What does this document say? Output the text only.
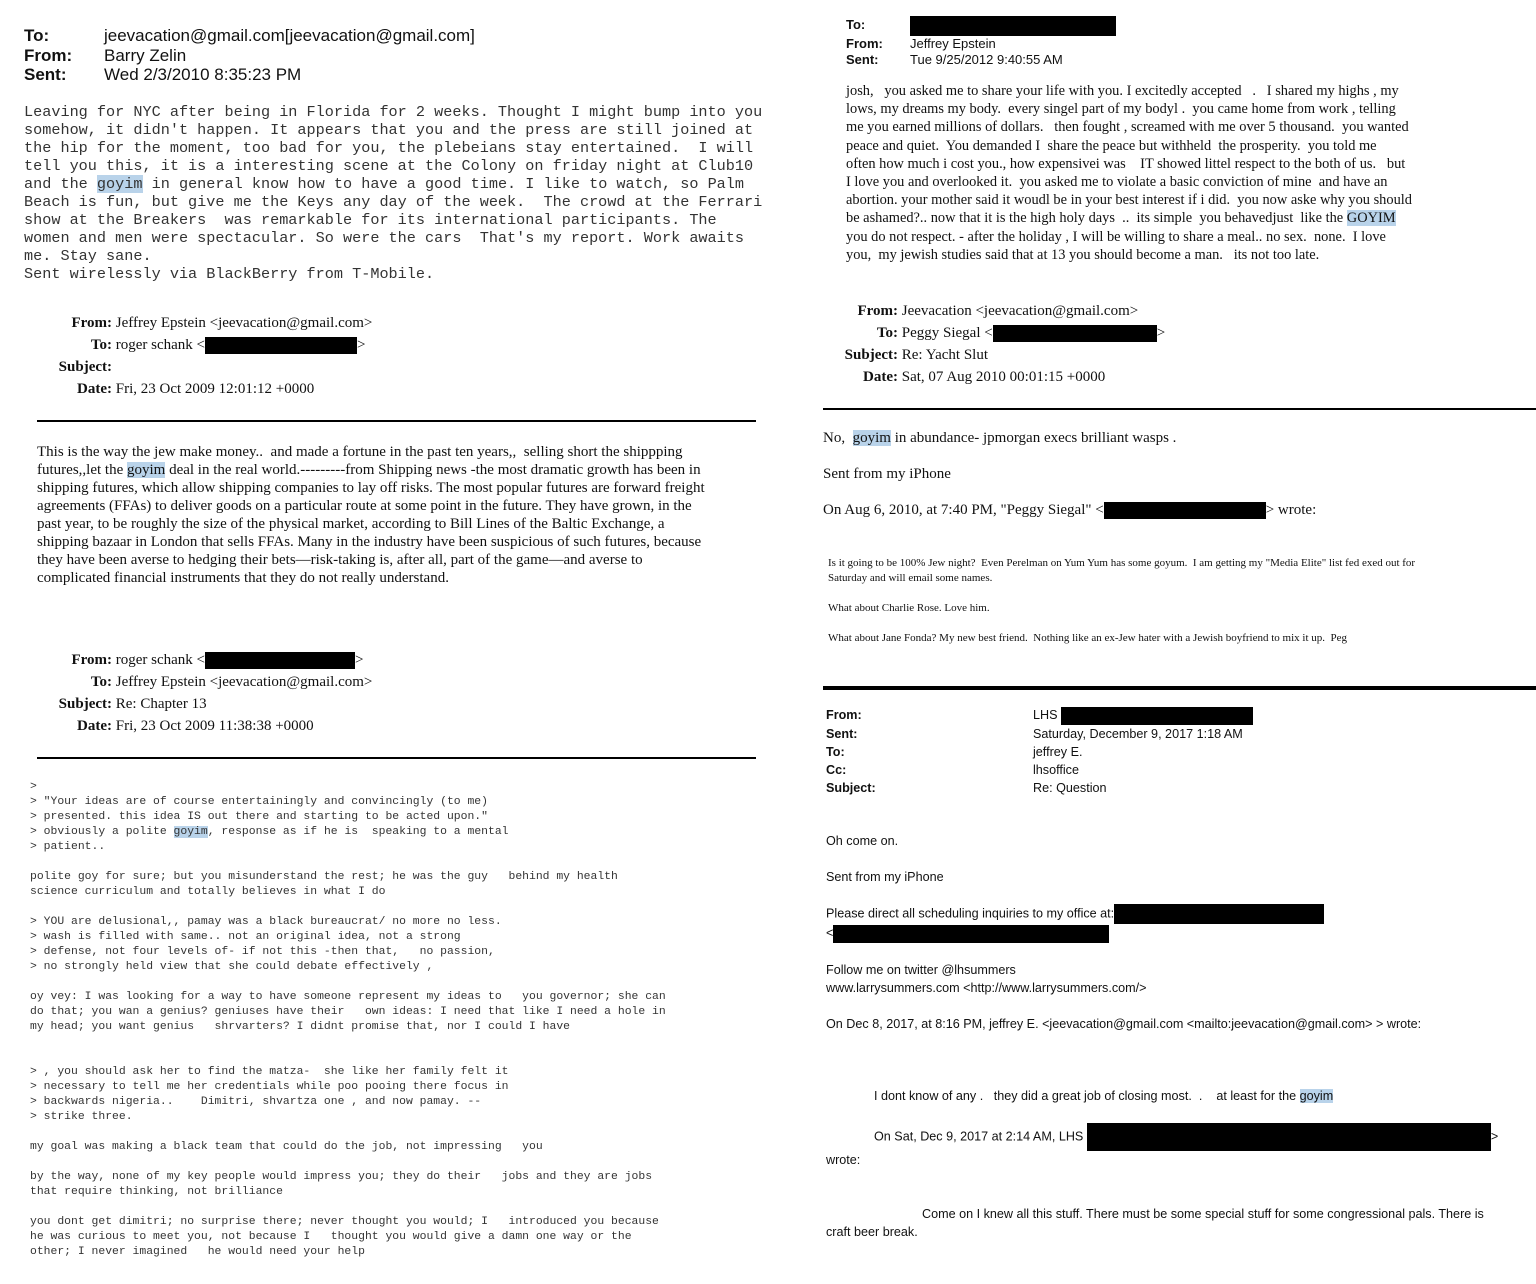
To:	jeevacation@gmail.com[jeevacation@gmail.com]
From: Barry Zelin
Sent: Wed 2/3/2010 8:35:23 PM
Leaving for NYC after being in Florida for 2 weeks. Thought I might bump into you
somehow, it didn't happen. It appears that you and the press are still joined at
the hip for the moment, too bad for you, the plebeians stay entertained.  I will
tell you this, it is a interesting scene at the Colony on friday night at Club10
and the goyim in general know how to have a good time. I like to watch, so Palm
Beach is fun, but give me the Keys any day of the week.  The crowd at the Ferrari
show at the Breakers  was remarkable for its international participants. The
women and men were spectacular. So were the cars  That's my report. Work awaits
me. Stay sane.
Sent wirelessly via BlackBerry from T-Mobile.
From: Jeffrey Epstein <jeevacation@gmail.com>
To: roger schank <	>
Subject:
Date: Fri, 23 Oct 2009 12:01:12 +0000
This is the way the jew make money..  and made a fortune in the past ten years,,  selling short the shippping
futures,,let the goyim deal in the real world.---------from Shipping news -the most dramatic growth has been in
shipping futures, which allow shipping companies to lay off risks. The most popular futures are forward freight
agreements (FFAs) to deliver goods on a particular route at some point in the future. They have grown, in the
past year, to be roughly the size of the physical market, according to Bill Lines of the Baltic Exchange, a
shipping bazaar in London that sells FFAs. Many in the industry have been suspicious of such futures, because
they have been averse to hedging their bets—risk-taking is, after all, part of the game—and averse to
complicated financial instruments that they do not really understand.
From: roger schank <	>
To: Jeffrey Epstein <jeevacation@gmail.com>
Subject: Re: Chapter 13
Date: Fri, 23 Oct 2009 11:38:38 +0000
>
> "Your ideas are of course entertainingly and convincingly (to me)
> presented. this idea IS out there and starting to be acted upon."
> obviously a polite goyim, response as if he is  speaking to a mental
> patient..

polite goy for sure; but you misunderstand the rest; he was the guy   behind my health
science curriculum and totally believes in what I do

> YOU are delusional,, pamay was a black bureaucrat/ no more no less.
> wash is filled with same.. not an original idea, not a strong
> defense, not four levels of- if not this -then that,   no passion,
> no strongly held view that she could debate effectively ,

oy vey: I was looking for a way to have someone represent my ideas to   you governor; she can
do that; you wan a genius? geniuses have their   own ideas: I need that like I need a hole in
my head; you want genius   shrvarters? I didnt promise that, nor I could I have

> , you should ask her to find the matza-  she like her family felt it
> necessary to tell me her credentials while poo pooing there focus in
> backwards nigeria..    Dimitri, shvartza one , and now pamay. --
> strike three.

my goal was making a black team that could do the job, not impressing   you

by the way, none of my key people would impress you; they do their   jobs and they are jobs
that require thinking, not brilliance

you dont get dimitri; no surprise there; never thought you would; I   introduced you because
he was curious to meet you, not because I   thought you would give a damn one way or the
other; I never imagined   he would need your help
To:
From: Jeffrey Epstein
Sent: Tue 9/25/2012 9:40:55 AM
josh,   you asked me to share your life with you. I excitedly accepted   .   I shared my highs , my
lows, my dreams my body.  every singel part of my bodyl .  you came home from work , telling
me you earned millions of dollars.   then fought , screamed with me over 5 thousand.  you wanted
peace and quiet.  You demanded I  share the peace but withheld  the prosperity.  you told me
often how much i cost you., how expensivei was    IT showed littel respect to the both of us.   but
I love you and overlooked it.  you asked me to violate a basic conviction of mine  and have an
abortion. your mother said it woudl be in your best interest if i did.  you now aske why you should
be ashamed?.. now that it is the high holy days  ..  its simple  you behavedjust  like the GOYIM
you do not respect. - after the holiday , I will be willing to share a meal.. no sex.  none.  I love
you,  my jewish studies said that at 13 you should become a man.   its not too late.
From: Jeevacation <jeevacation@gmail.com>
To: Peggy Siegal <	>
Subject: Re: Yacht Slut
Date: Sat, 07 Aug 2010 00:01:15 +0000
No,  goyim in abundance- jpmorgan execs brilliant wasps .
Sent from my iPhone
On Aug 6, 2010, at 7:40 PM, "Peggy Siegal" <	> wrote:
Is it going to be 100% Jew night?  Even Perelman on Yum Yum has some goyum.  I am getting my "Media Elite" list fed exed out for
Saturday and will email some names.

What about Charlie Rose. Love him.

What about Jane Fonda? My new best friend.  Nothing like an ex-Jew hater with a Jewish boyfriend to mix it up.  Peg
From:	LHS
Sent:	Saturday, December 9, 2017 1:18 AM
To:	jeffrey E.
Cc:	lhsoffice
Subject:	Re: Question
Oh come on.

Sent from my iPhone

Please direct all scheduling inquiries to my office at:
<

Follow me on twitter @lhsummers
www.larrysummers.com <http://www.larrysummers.com/>

On Dec 8, 2017, at 8:16 PM, jeffrey E. <jeevacation@gmail.com <mailto:jeevacation@gmail.com> > wrote:

I dont know of any .   they did a great job of closing most.  .    at least for the goyim

On Sat, Dec 9, 2017 at 2:14 AM, LHS	>
wrote:

Come on I knew all this stuff. There must be some special stuff for some congressional pals. There is
craft beer break.
